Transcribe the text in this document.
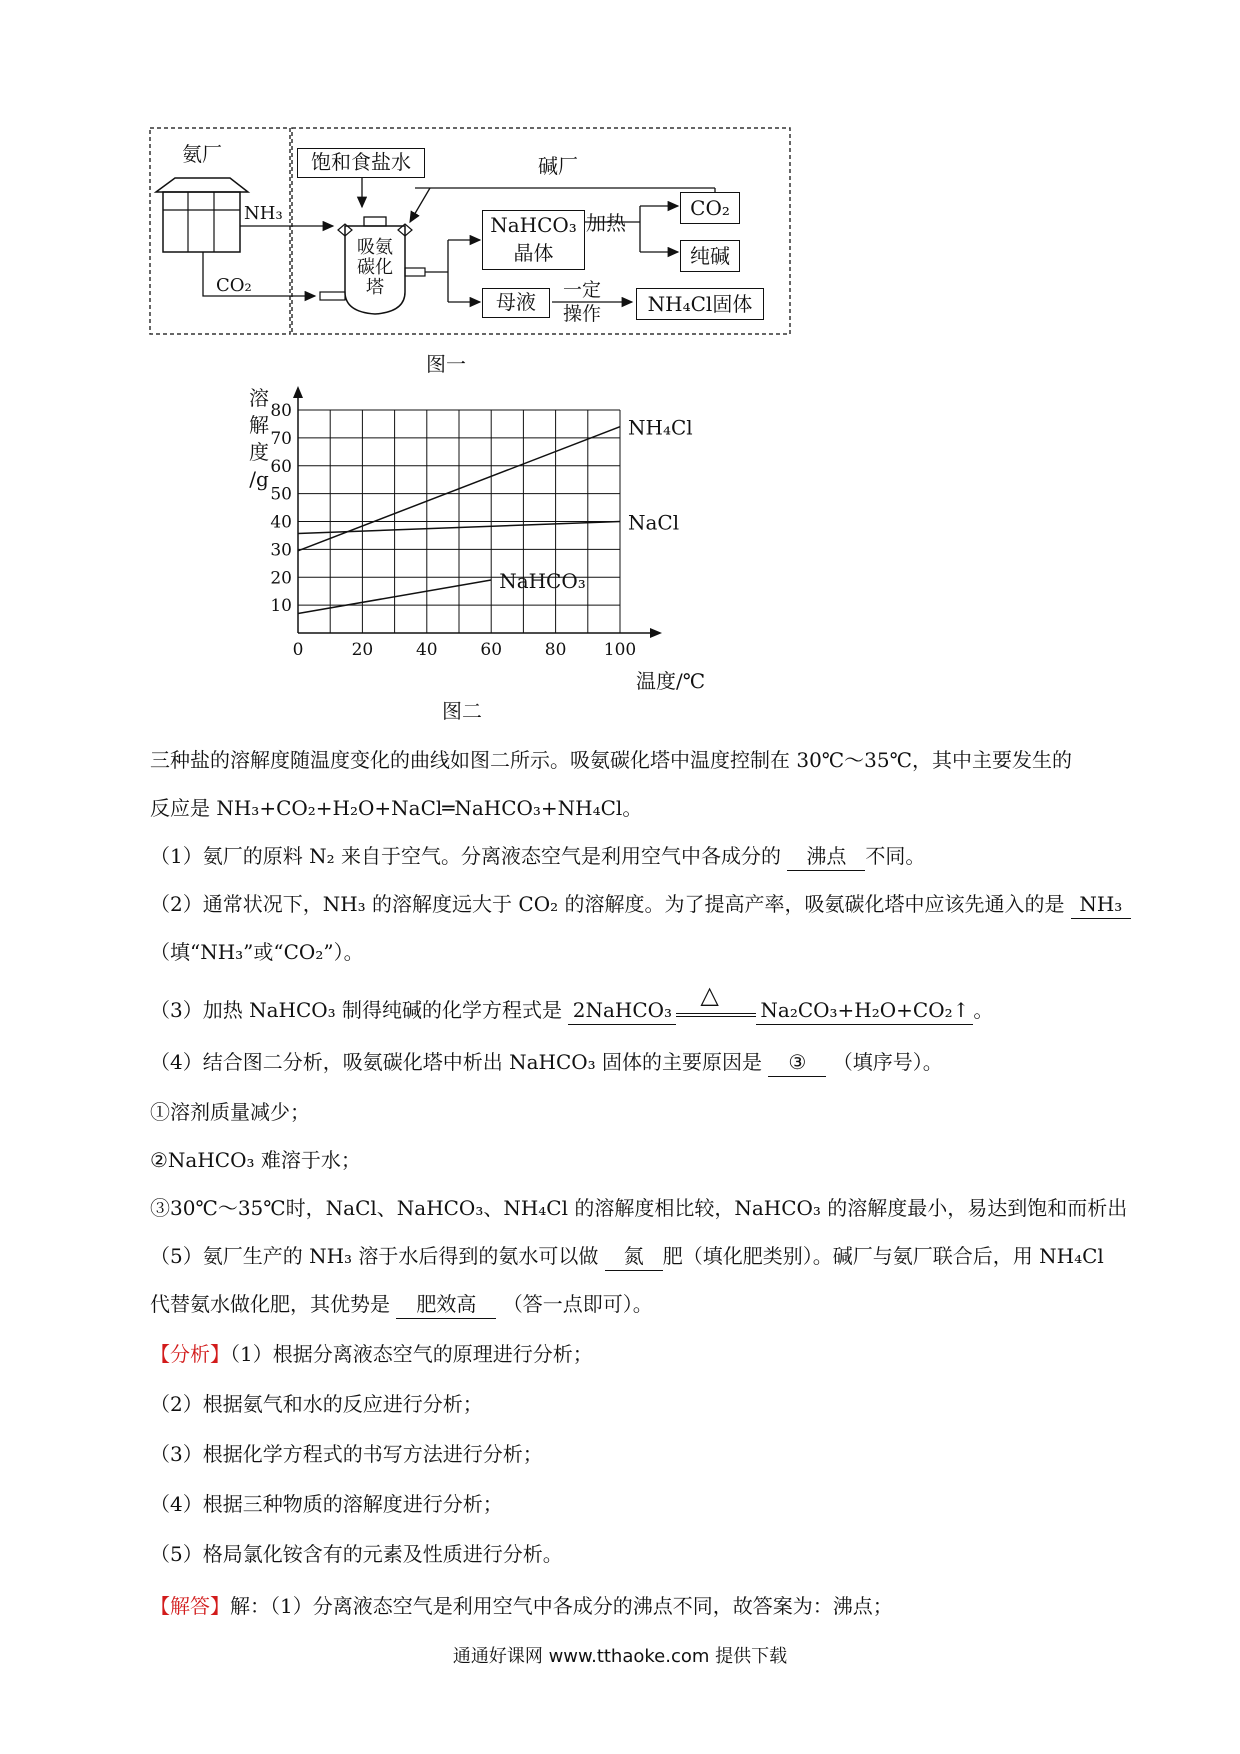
氨厂
NH₃
CO₂
饱和食盐水	碱厂
吸氨
碳化
塔
NaHCO₃
晶体
加热
CO₂
纯碱
母液	一定
操作	NH₄Cl固体
图一
溶
解
度
/g
0	20	40	60	80 100
10
20
30
40
50
60
70
80
NH₄Cl
NaCl
NaHCO₃
温度/℃
图二
三种盐的溶解度随温度变化的曲线如图二所示。吸氨碳化塔中温度控制在 30℃～35℃，其中主要发生的
反应是 NH₃+CO₂+H₂O+NaCl═NaHCO₃+NH₄Cl。
（1）氨厂的原料 N₂ 来自于空气。分离液态空气是利用空气中各成分的 沸点 不同。
（2）通常状况下，NH₃ 的溶解度远大于 CO₂ 的溶解度。为了提高产率，吸氨碳化塔中应该先通入的是 NH₃
（填“NH₃”或“CO₂”）。
（3）加热 NaHCO₃ 制得纯碱的化学方程式是 2NaHCO₃
△
Na₂CO₃+H₂O+CO₂↑ 。
（4）结合图二分析，吸氨碳化塔中析出 NaHCO₃ 固体的主要原因是 ③ （填序号）。
①溶剂质量减少；
②NaHCO₃ 难溶于水；
③30℃～35℃时，NaCl、NaHCO₃、NH₄Cl 的溶解度相比较，NaHCO₃ 的溶解度最小，易达到饱和而析出
（5）氨厂生产的 NH₃ 溶于水后得到的氨水可以做 氮 肥（填化肥类别）。碱厂与氨厂联合后，用 NH₄Cl
代替氨水做化肥，其优势是 肥效高 （答一点即可）。
【分析】（1）根据分离液态空气的原理进行分析；
（2）根据氨气和水的反应进行分析；
（3）根据化学方程式的书写方法进行分析；
（4）根据三种物质的溶解度进行分析；
（5）格局氯化铵含有的元素及性质进行分析。
【解答】解：（1）分离液态空气是利用空气中各成分的沸点不同，故答案为：沸点；
通通好课网 www.tthaoke.com 提供下载
